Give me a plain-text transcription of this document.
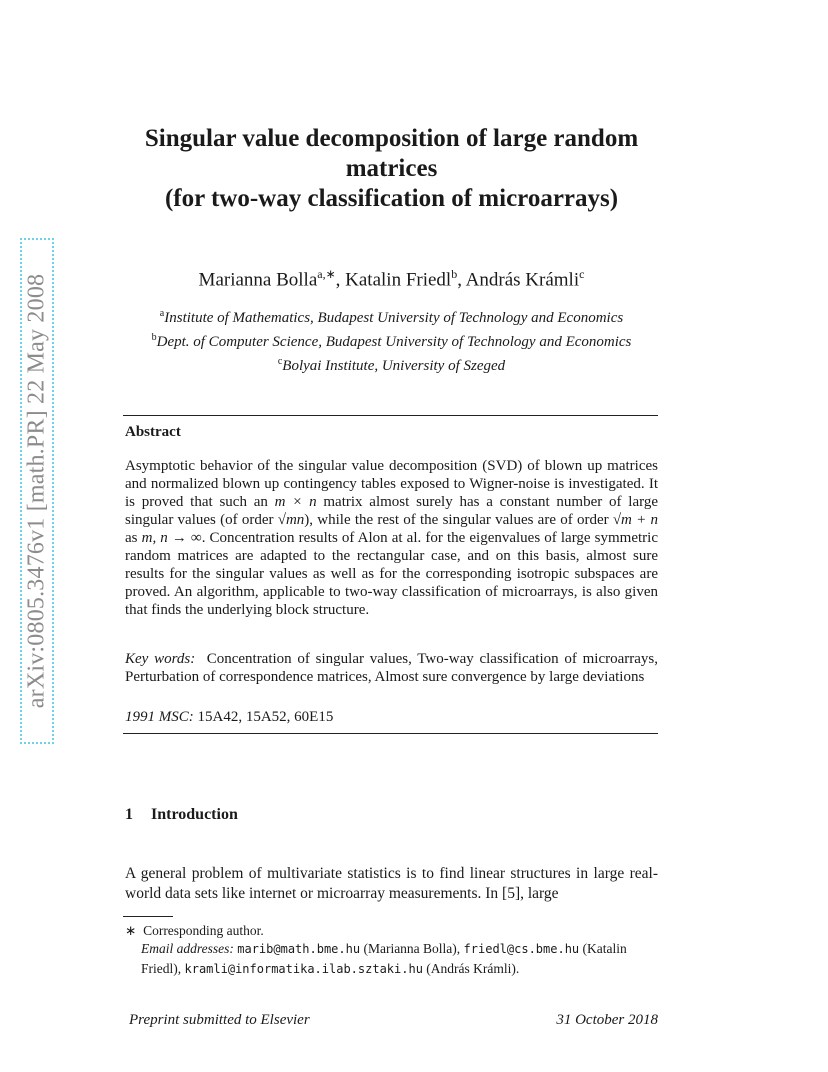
arXiv:0805.3476v1 [math.PR] 22 May 2008
Singular value decomposition of large random
matrices
(for two-way classification of microarrays)
Marianna Bolla$^{a,∗}$, Katalin Friedl$^b$, András Krámli$^c$
$^a$Institute of Mathematics, Budapest University of Technology and Economics
$^b$Dept. of Computer Science, Budapest University of Technology and Economics
$^c$Bolyai Institute, University of Szeged
Abstract
Asymptotic behavior of the singular value decomposition (SVD) of blown up matrices and normalized blown up contingency tables exposed to Wigner-noise is investigated. It is proved that such an m × n matrix almost surely has a constant number of large singular values (of order √mn), while the rest of the singular values are of order √m + n as m, n → ∞. Concentration results of Alon at al. for the eigenvalues of large symmetric random matrices are adapted to the rectangular case, and on this basis, almost sure results for the singular values as well as for the corresponding isotropic subspaces are proved. An algorithm, applicable to two-way classification of microarrays, is also given that finds the underlying block structure.
Key words: Concentration of singular values, Two-way classification of microarrays, Perturbation of correspondence matrices, Almost sure convergence by large deviations
1991 MSC: 15A42, 15A52, 60E15
1 Introduction
A general problem of multivariate statistics is to find linear structures in large real-world data sets like internet or microarray measurements. In [5], large
∗ Corresponding author.
Email addresses: marib@math.bme.hu (Marianna Bolla), friedl@cs.bme.hu (Katalin Friedl), kramli@informatika.ilab.sztaki.hu (András Krámli).
Preprint submitted to Elsevier	31 October 2018
